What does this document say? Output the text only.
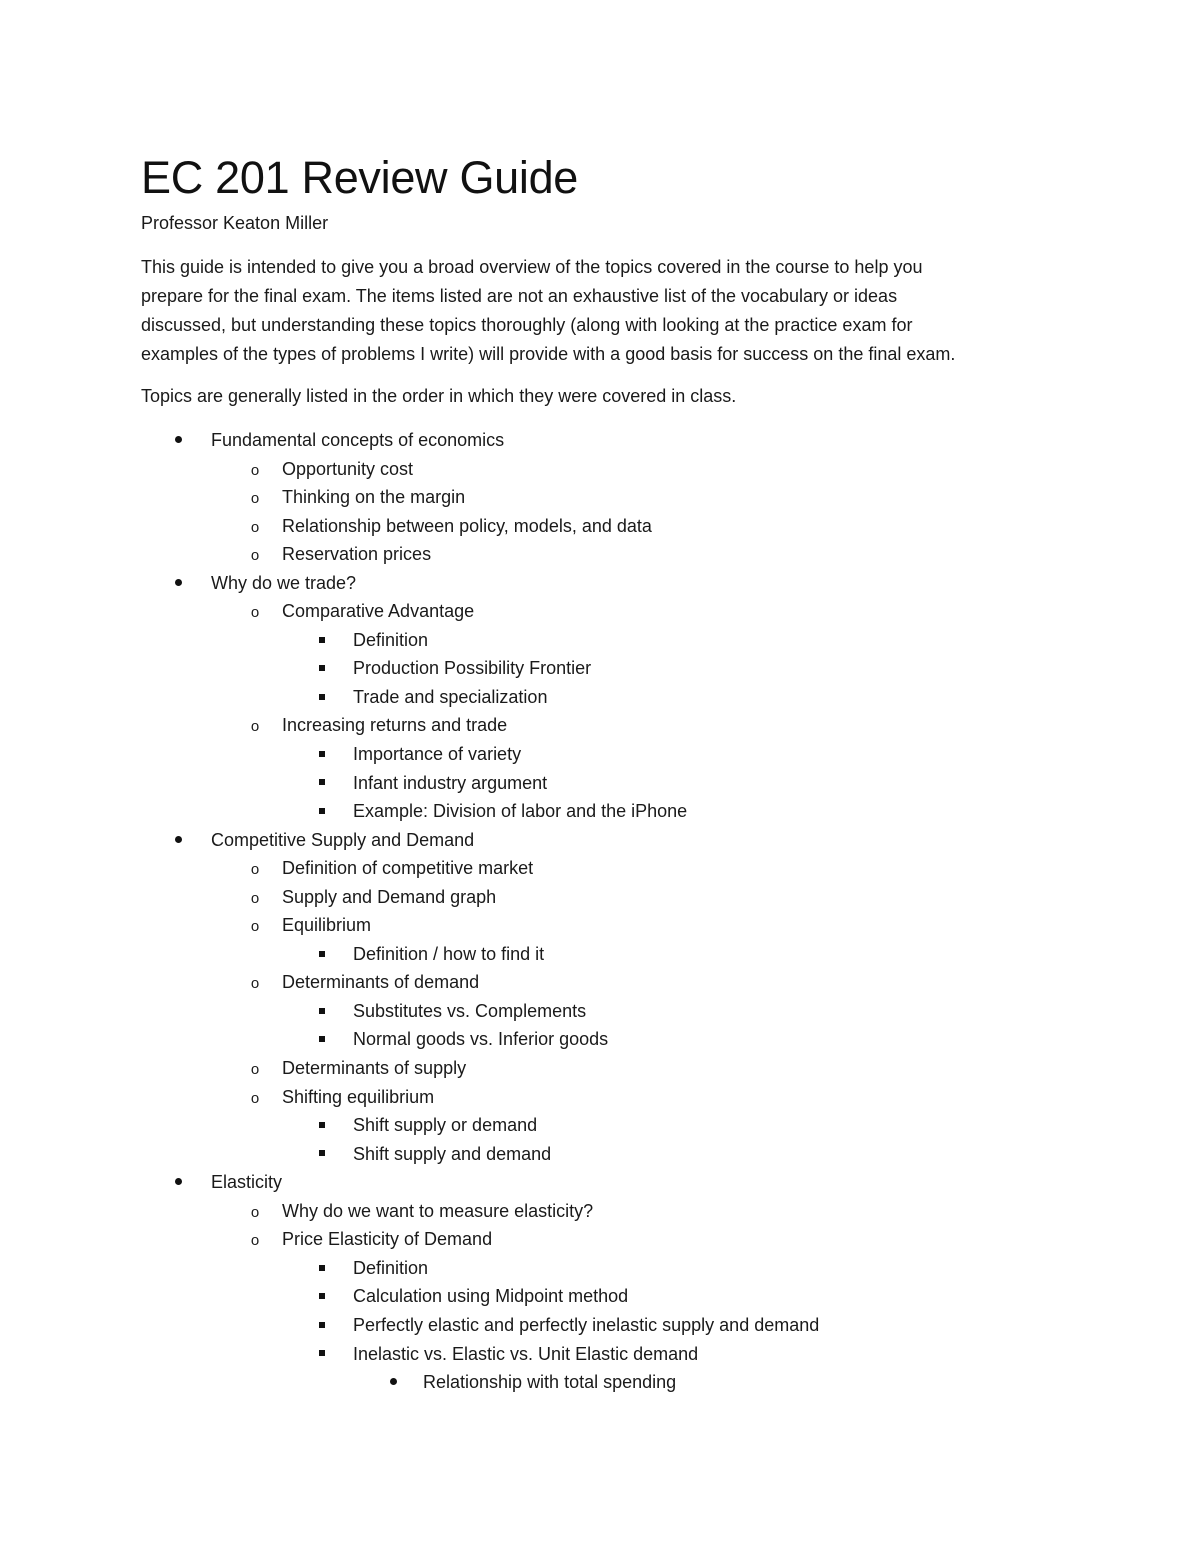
EC 201 Review Guide
Professor Keaton Miller
This guide is intended to give you a broad overview of the topics covered in the course to help you
prepare for the final exam. The items listed are not an exhaustive list of the vocabulary or ideas
discussed, but understanding these topics thoroughly (along with looking at the practice exam for
examples of the types of problems I write) will provide with a good basis for success on the final exam.
Topics are generally listed in the order in which they were covered in class.
Fundamental concepts of economics
o	Opportunity cost
o	Thinking on the margin
o	Relationship between policy, models, and data
o	Reservation prices
Why do we trade?
o	Comparative Advantage
Definition
Production Possibility Frontier
Trade and specialization
o	Increasing returns and trade
Importance of variety
Infant industry argument
Example: Division of labor and the iPhone
Competitive Supply and Demand
o	Definition of competitive market
o	Supply and Demand graph
o	Equilibrium
Definition / how to find it
o	Determinants of demand
Substitutes vs. Complements
Normal goods vs. Inferior goods
o	Determinants of supply
o	Shifting equilibrium
Shift supply or demand
Shift supply and demand
Elasticity
o	Why do we want to measure elasticity?
o	Price Elasticity of Demand
Definition
Calculation using Midpoint method
Perfectly elastic and perfectly inelastic supply and demand
Inelastic vs. Elastic vs. Unit Elastic demand
Relationship with total spending
